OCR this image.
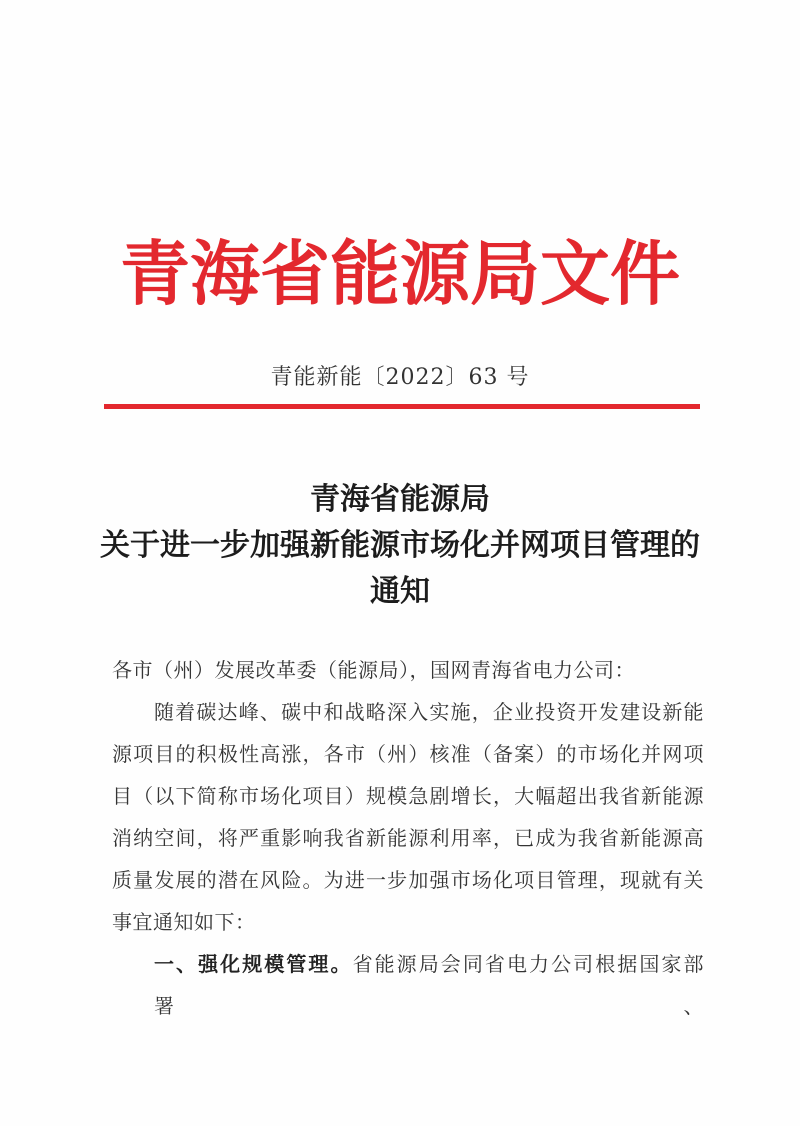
青海省能源局文件
青能新能〔2022〕63 号
青海省能源局
关于进一步加强新能源市场化并网项目管理的
通知
各市（州）发展改革委（能源局），国网青海省电力公司：
随着碳达峰、碳中和战略深入实施，企业投资开发建设新能
源项目的积极性高涨，各市（州）核准（备案）的市场化并网项
目（以下简称市场化项目）规模急剧增长，大幅超出我省新能源
消纳空间，将严重影响我省新能源利用率，已成为我省新能源高
质量发展的潜在风险。为进一步加强市场化项目管理，现就有关
事宜通知如下：
一、强化规模管理。省能源局会同省电力公司根据国家部署、
